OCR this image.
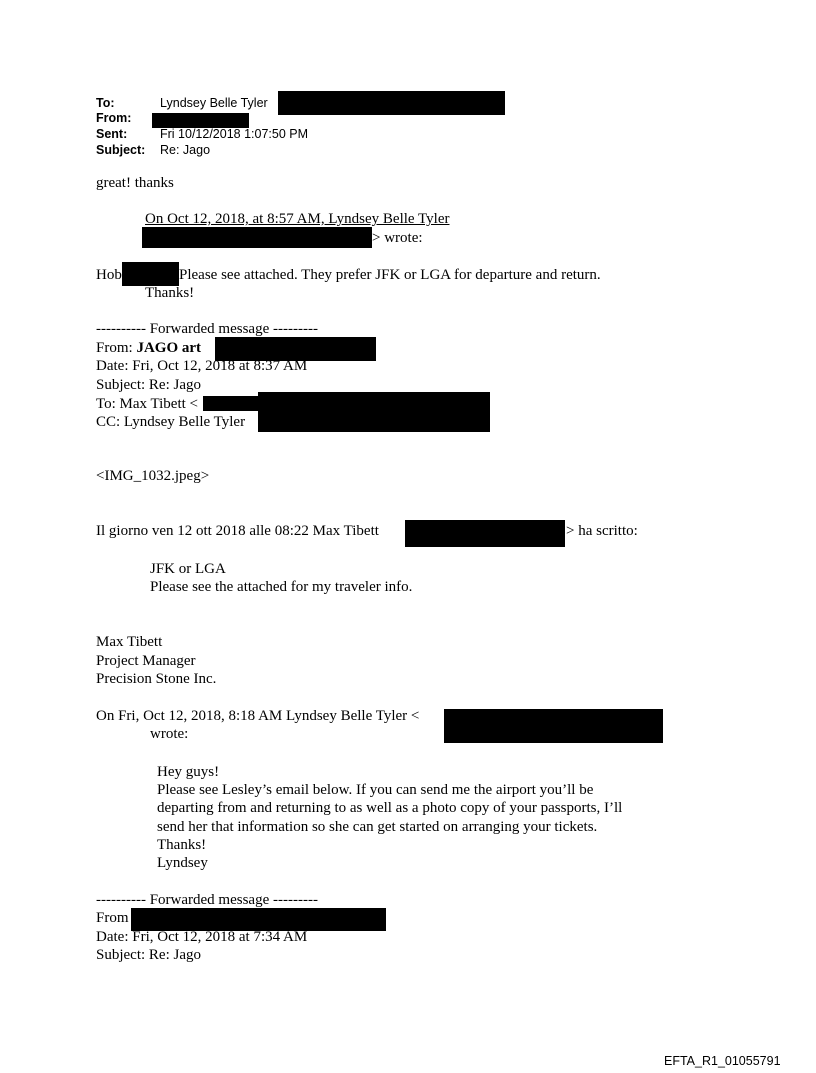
To:	Lyndsey Belle Tyler
From:
Sent:	Fri 10/12/2018 1:07:50 PM
Subject: Re: Jago
great! thanks
On Oct 12, 2018, at 8:57 AM, Lyndsey Belle Tyler
> wrote:
Hob	Please see attached. They prefer JFK or LGA for departure and return.
Thanks!
---------- Forwarded message ---------
From: JAGO art
Date: Fri, Oct 12, 2018 at 8:37 AM
Subject: Re: Jago
To: Max Tibett <
CC: Lyndsey Belle Tyler
<IMG_1032.jpeg>
Il giorno ven 12 ott 2018 alle 08:22 Max Tibett	> ha scritto:
JFK or LGA
Please see the attached for my traveler info.
Max Tibett
Project Manager
Precision Stone Inc.
On Fri, Oct 12, 2018, 8:18 AM Lyndsey Belle Tyler <
wrote:
Hey guys!
Please see Lesley’s email below. If you can send me the airport you’ll be
departing from and returning to as well as a photo copy of your passports, I’ll
send her that information so she can get started on arranging your tickets.
Thanks!
Lyndsey
---------- Forwarded message ---------
From
Date: Fri, Oct 12, 2018 at 7:34 AM
Subject: Re: Jago
EFTA_R1_01055791
